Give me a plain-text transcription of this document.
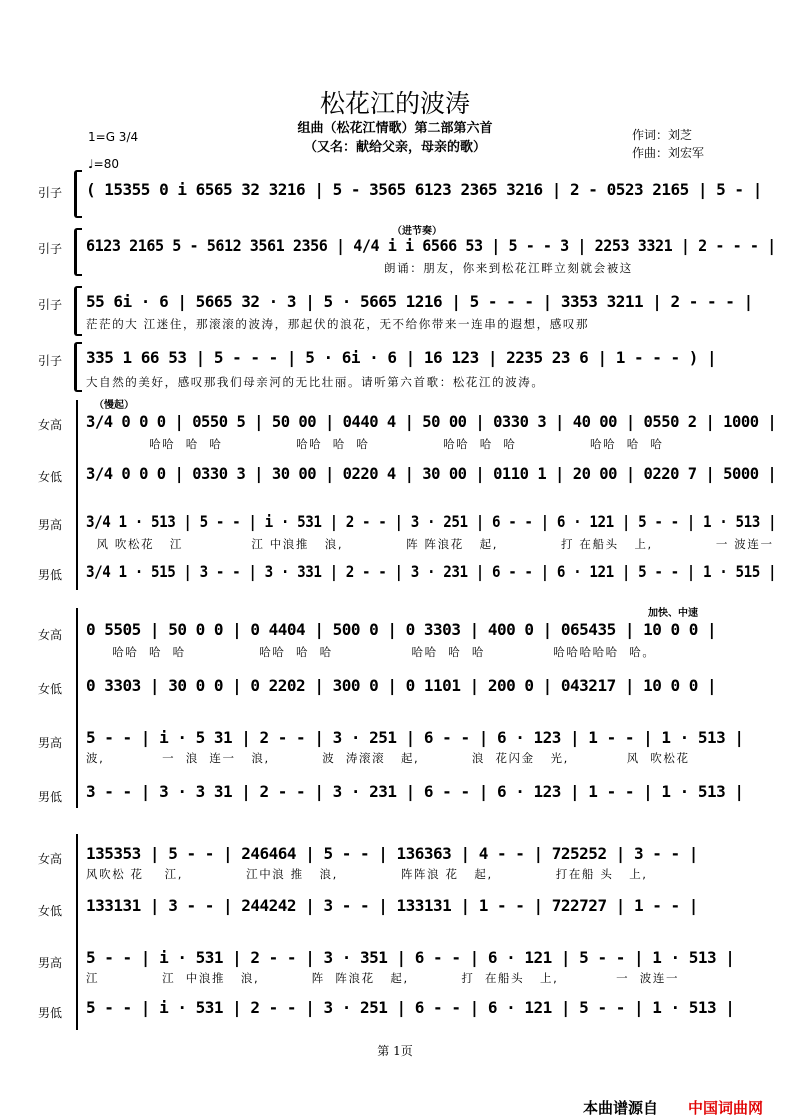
松花江的波涛
组曲（松花江情歌）第二部第六首
（又名：献给父亲，母亲的歌）
作词：刘芝
作曲：刘宏军
1=G 3/4
♩=80
引子 ( 15355 0 i 6565 32 3216 | 5 - 3565 6123 2365 3216 | 2 - 0523 2165 | 5 - |
引子
（进节奏）
6123 2165 5 - 5612 3561 2356 | 4/4 i i 6566 53 | 5 - - 3 | 2253 3321 | 2 - - - |
朗诵：朋友，你来到松花江畔立刻就会被这
引子 55 6i · 6 | 5665 32 · 3 | 5 · 5665 1216 | 5 - - - | 3353 3211 | 2 - - - |
茫茫的大 江迷住，那滚滚的波涛，那起伏的浪花，无不给你带来一连串的遐想，感叹那
引子 335 1 66 53 | 5 - - - | 5 · 6i · 6 | 16 123 | 2235 23 6 | 1 - - - ) |
大自然的美好，感叹那我们母亲河的无比壮丽。请听第六首歌：松花江的波涛。
（慢起）
女高 3/4 0 0 0 | 0550 5 | 50 00 | 0440 4 | 50 00 | 0330 3 | 40 00 | 0550 2 | 1000 |
哈哈  哈  哈              哈哈  哈  哈              哈哈  哈  哈              哈哈  哈  哈
女低 3/4 0 0 0 | 0330 3 | 30 00 | 0220 4 | 30 00 | 0110 1 | 20 00 | 0220 7 | 5000 |
男高 3/4 1 · 513 | 5 - - | i · 531 | 2 - - | 3 · 251 | 6 - - | 6 · 121 | 5 - - | 1 · 513 |
风 吹松花   江             江 中浪推   浪,            阵 阵浪花   起,            打 在船头   上,            一 波连一
男低 3/4 1 · 515 | 3 - - | 3 · 331 | 2 - - | 3 · 231 | 6 - - | 6 · 121 | 5 - - | 1 · 515 |
加快、中速
女高 0 5505 | 50 0 0 | 0 4404 | 500 0 | 0 3303 | 400 0 | 065435 | 10 0 0 |
哈哈  哈  哈              哈哈  哈  哈               哈哈  哈  哈             哈哈哈哈哈  哈。
女低 0 3303 | 30 0 0 | 0 2202 | 300 0 | 0 1101 | 200 0 | 043217 | 10 0 0 |
男高 5 - - | i · 5 31 | 2 - - | 3 · 251 | 6 - - | 6 · 123 | 1 - - | 1 · 513 |
波,           一  浪  连一   浪,          波  涛滚滚   起,          浪  花闪金   光,           风  吹松花
男低 3 - - | 3 · 3 31 | 2 - - | 3 · 231 | 6 - - | 6 · 123 | 1 - - | 1 · 513 |
女高 135353 | 5 - - | 246464 | 5 - - | 136363 | 4 - - | 725252 | 3 - - |
风吹松 花    江,            江中浪 推   浪,            阵阵浪 花   起,            打在船 头   上,
女低 133131 | 3 - - | 244242 | 3 - - | 133131 | 1 - - | 722727 | 1 - - |
男高 5 - - | i · 531 | 2 - - | 3 · 351 | 6 - - | 6 · 121 | 5 - - | 1 · 513 |
江            江  中浪推   浪,          阵  阵浪花   起,          打  在船头   上,           一  波连一
男低 5 - - | i · 531 | 2 - - | 3 · 251 | 6 - - | 6 · 121 | 5 - - | 1 · 513 |
第 1页
本曲谱源自 中国词曲网
